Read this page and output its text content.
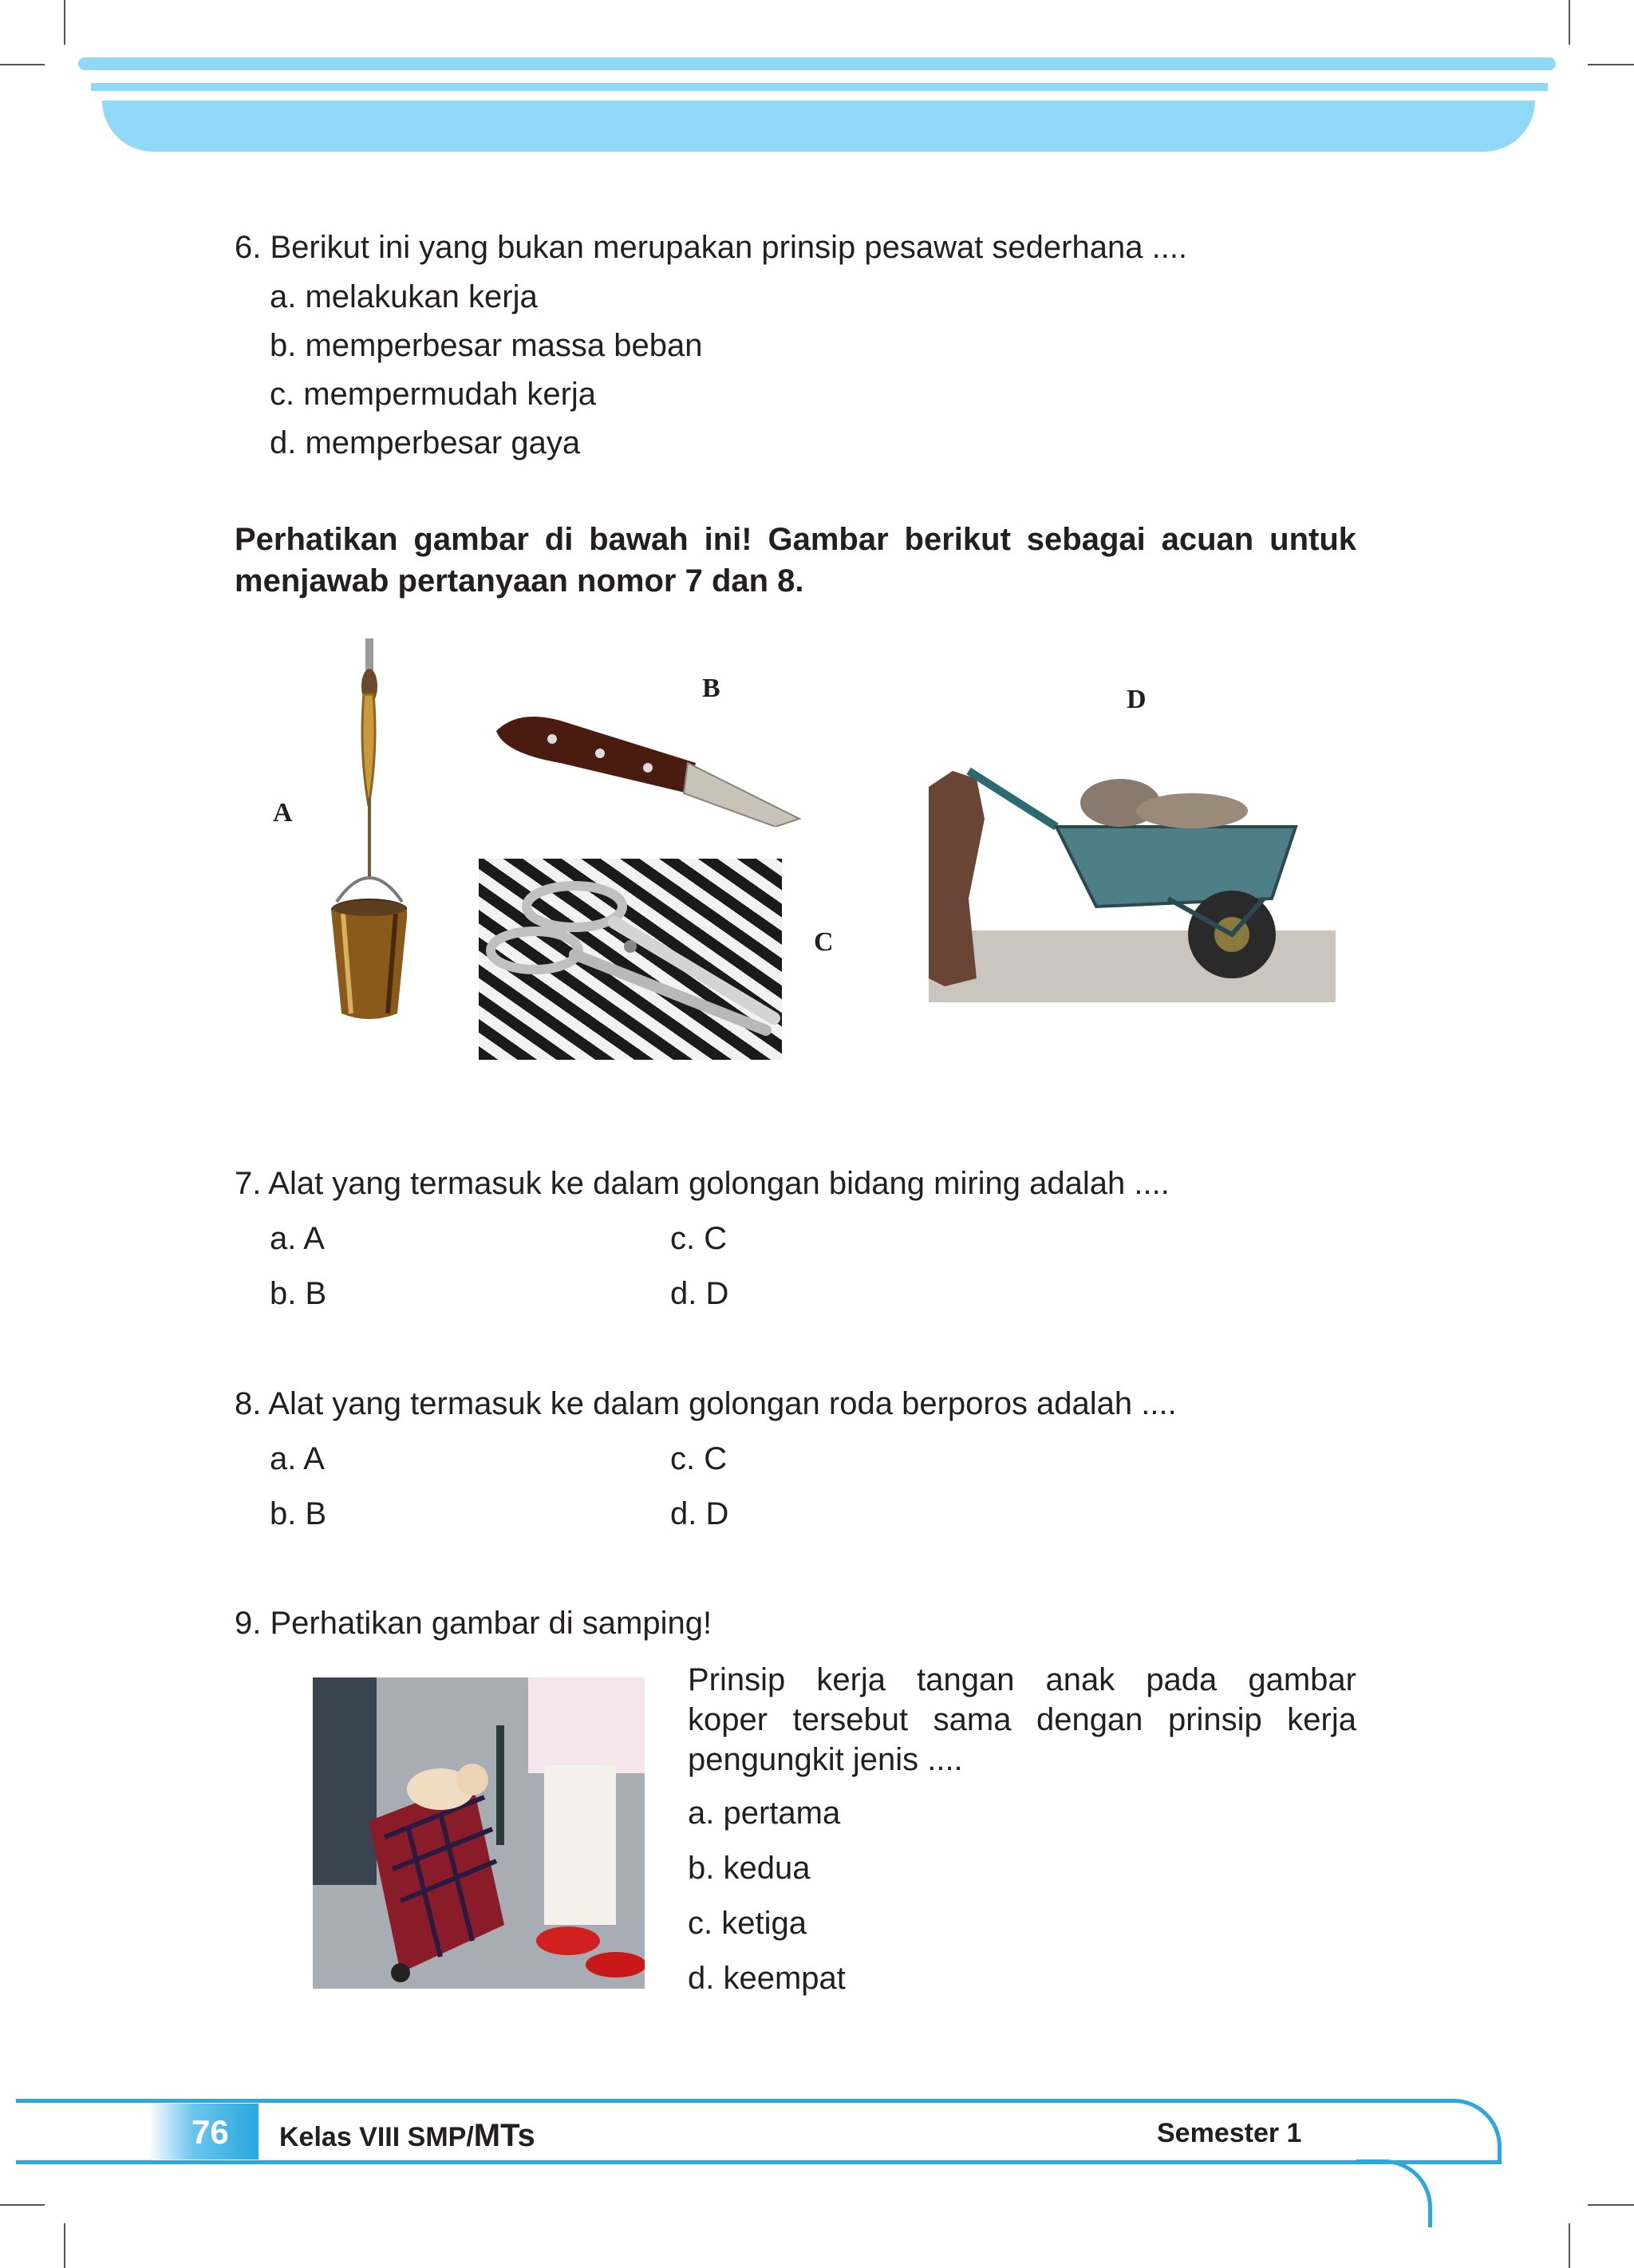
6. Berikut ini yang bukan merupakan prinsip pesawat sederhana ....
a. melakukan kerja
b. memperbesar massa beban
c. mempermudah kerja
d. memperbesar gaya
Perhatikan gambar di bawah ini! Gambar berikut sebagai acuan untuk
menjawab pertanyaan nomor 7 dan 8.
A
B
C
D
7. Alat yang termasuk ke dalam golongan bidang miring adalah ....
a. A	c. C
b. B	d. D
8. Alat yang termasuk ke dalam golongan roda berporos adalah ....
a. A	c. C
b. B	d. D
9. Perhatikan gambar di samping!
Prinsip kerja tangan anak pada gambar
koper tersebut sama dengan prinsip kerja
pengungkit jenis ....
a. pertama
b. kedua
c. ketiga
d. keempat
76 Kelas VIII SMP/MTs	Semester 1
